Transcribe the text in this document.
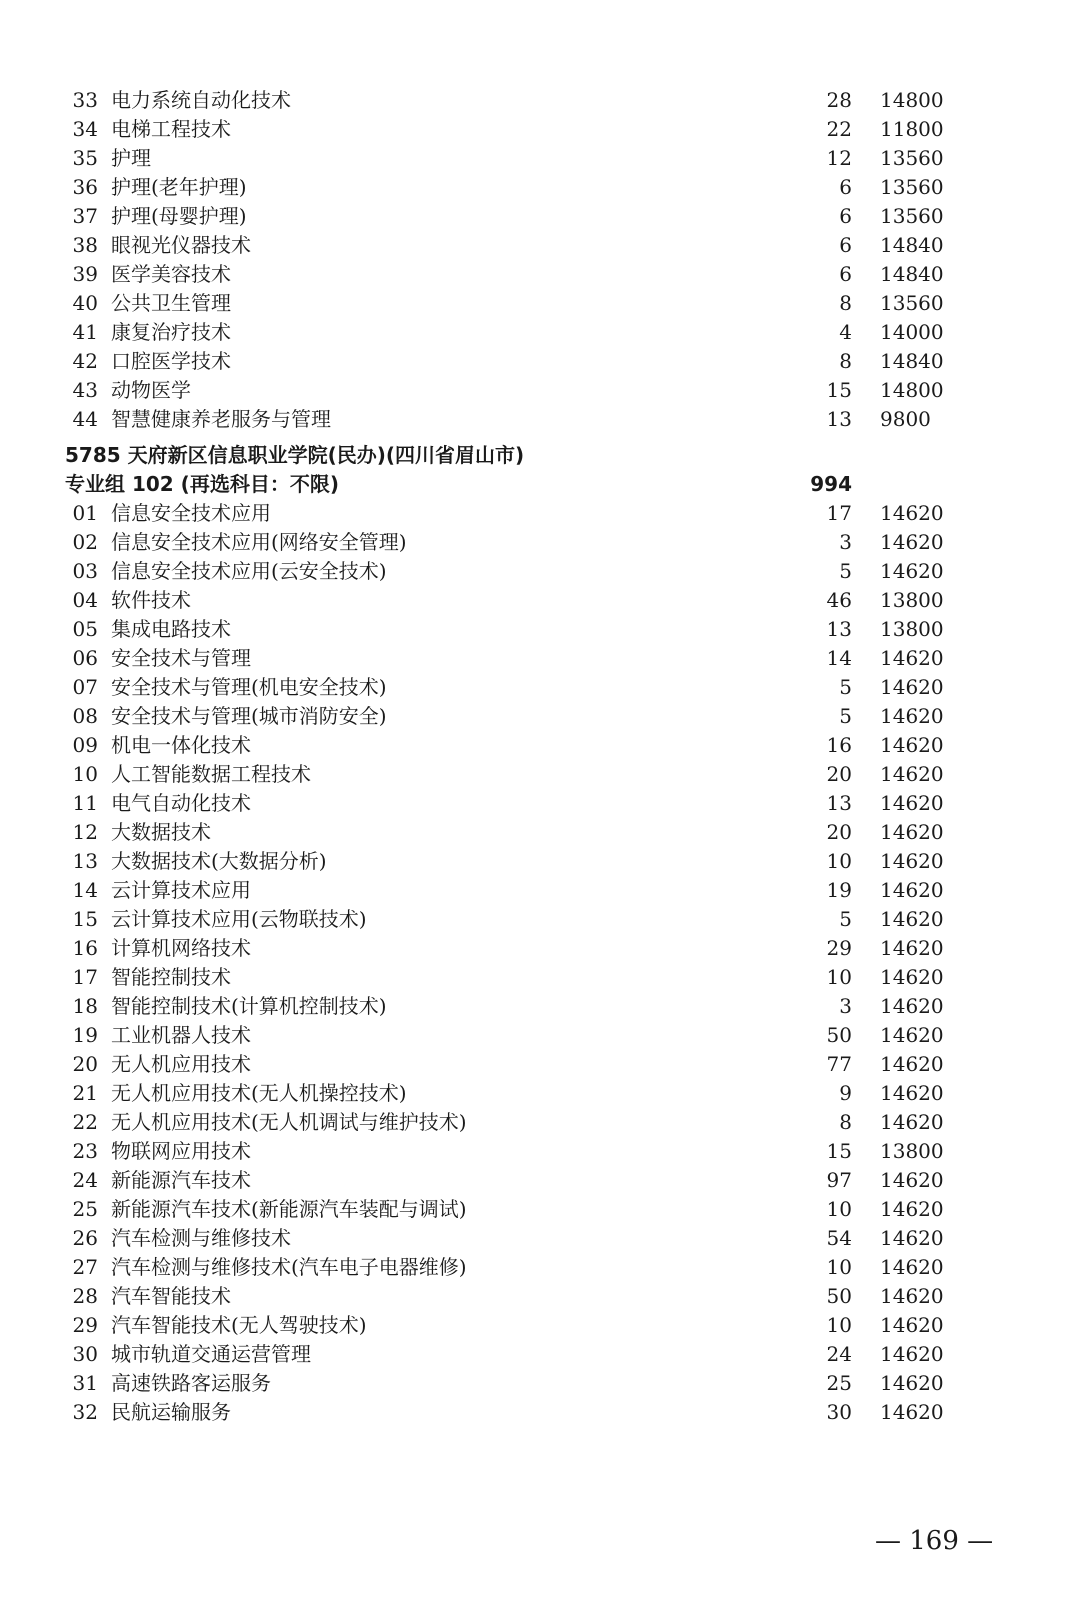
33 电力系统自动化技术	28 14800
34 电梯工程技术	22 11800
35 护理	12 13560
36 护理(老年护理)	6 13560
37 护理(母婴护理)	6 13560
38 眼视光仪器技术	6 14840
39 医学美容技术	6 14840
40 公共卫生管理	8 13560
41 康复治疗技术	4 14000
42 口腔医学技术	8 14840
43 动物医学	15 14800
44 智慧健康养老服务与管理	13 9800
5785 天府新区信息职业学院(民办)(四川省眉山市)
专业组 102 (再选科目：不限)	994
01 信息安全技术应用	17 14620
02 信息安全技术应用(网络安全管理)	3 14620
03 信息安全技术应用(云安全技术)	5 14620
04 软件技术	46 13800
05 集成电路技术	13 13800
06 安全技术与管理	14 14620
07 安全技术与管理(机电安全技术)	5 14620
08 安全技术与管理(城市消防安全)	5 14620
09 机电一体化技术	16 14620
10 人工智能数据工程技术	20 14620
11 电气自动化技术	13 14620
12 大数据技术	20 14620
13 大数据技术(大数据分析)	10 14620
14 云计算技术应用	19 14620
15 云计算技术应用(云物联技术)	5 14620
16 计算机网络技术	29 14620
17 智能控制技术	10 14620
18 智能控制技术(计算机控制技术)	3 14620
19 工业机器人技术	50 14620
20 无人机应用技术	77 14620
21 无人机应用技术(无人机操控技术)	9 14620
22 无人机应用技术(无人机调试与维护技术)	8 14620
23 物联网应用技术	15 13800
24 新能源汽车技术	97 14620
25 新能源汽车技术(新能源汽车装配与调试)	10 14620
26 汽车检测与维修技术	54 14620
27 汽车检测与维修技术(汽车电子电器维修)	10 14620
28 汽车智能技术	50 14620
29 汽车智能技术(无人驾驶技术)	10 14620
30 城市轨道交通运营管理	24 14620
31 高速铁路客运服务	25 14620
32 民航运输服务	30 14620
— 169 —
